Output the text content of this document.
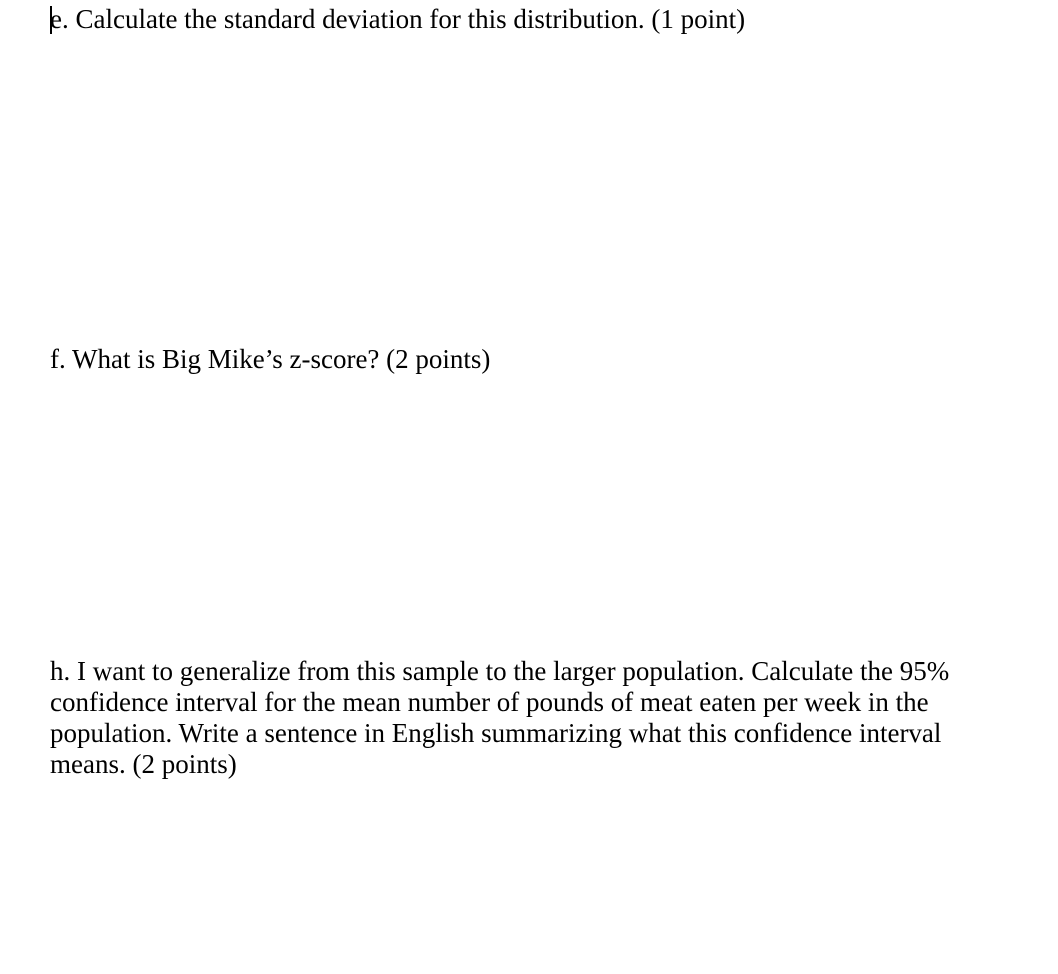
e. Calculate the standard deviation for this distribution. (1 point)

f. What is Big Mike’s z-score? (2 points)

h. I want to generalize from this sample to the larger population. Calculate the 95% confidence interval for the mean number of pounds of meat eaten per week in the population. Write a sentence in English summarizing what this confidence interval means. (2 points)
